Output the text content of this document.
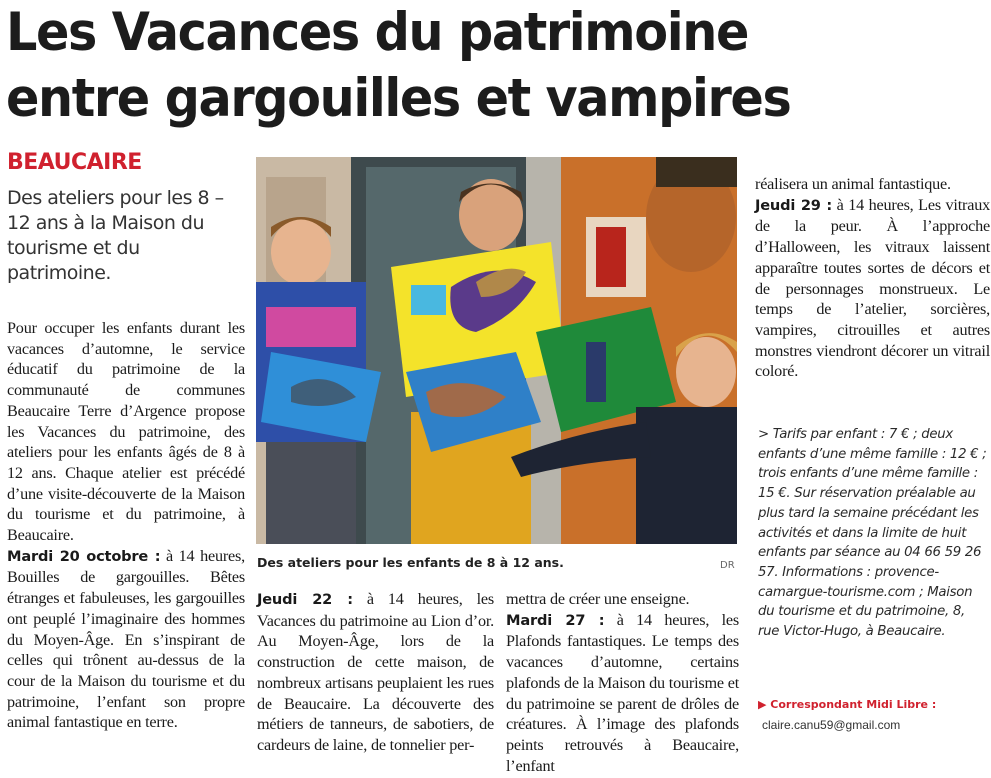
Les Vacances du patrimoine
entre gargouilles et vampires
BEAUCAIRE
Des ateliers pour les 8 – 12 ans à la Maison du tourisme et du patrimoine.

Pour occuper les enfants durant les vacances d’automne, le service éducatif du patrimoine de la communauté de communes Beaucaire Terre d’Argence propose les Vacances du patrimoine, des ateliers pour les enfants âgés de 8 à 12 ans. Chaque atelier est précédé d’une visite-découverte de la Maison du tourisme et du patrimoine, à Beaucaire.

Mardi 20 octobre : à 14 heures, Bouilles de gargouilles. Bêtes étranges et fabuleuses, les gargouilles ont peuplé l’imaginaire des hommes du Moyen-Âge. En s’inspirant de celles qui trônent au-dessus de la cour de la Maison du tourisme et du patrimoine, l’enfant son propre animal fantastique en terre.

Des ateliers pour les enfants de 8 à 12 ans.	DR

Jeudi 22 : à 14 heures, les Vacances du patrimoine au Lion d’or. Au Moyen-Âge, lors de la construction de cette maison, de nombreux artisans peuplaient les rues de Beaucaire. La découverte des métiers de tanneurs, de sabotiers, de cardeurs de laine, de tonnelier per-

mettra de créer une enseigne.

Mardi 27 : à 14 heures, les Plafonds fantastiques. Le temps des vacances d’automne, certains plafonds de la Maison du tourisme et du patrimoine se parent de drôles de créatures. À l’image des plafonds peints retrouvés à Beaucaire, l’enfant

réalisera un animal fantastique.

Jeudi 29 : à 14 heures, Les vitraux de la peur. À l’approche d’Halloween, les vitraux laissent apparaître toutes sortes de décors et de personnages monstrueux. Le temps de l’atelier, sorcières, vampires, citrouilles et autres monstres viendront décorer un vitrail coloré.

> Tarifs par enfant : 7 € ; deux enfants d’une même famille : 12 € ; trois enfants d’une même famille : 15 €. Sur réservation préalable au plus tard la semaine précédant les activités et dans la limite de huit enfants par séance au 04 66 59 26 57. Informations : provence-camargue-tourisme.com ; Maison du tourisme et du patrimoine, 8, rue Victor-Hugo, à Beaucaire.
▶ Correspondant Midi Libre :
claire.canu59@gmail.com
